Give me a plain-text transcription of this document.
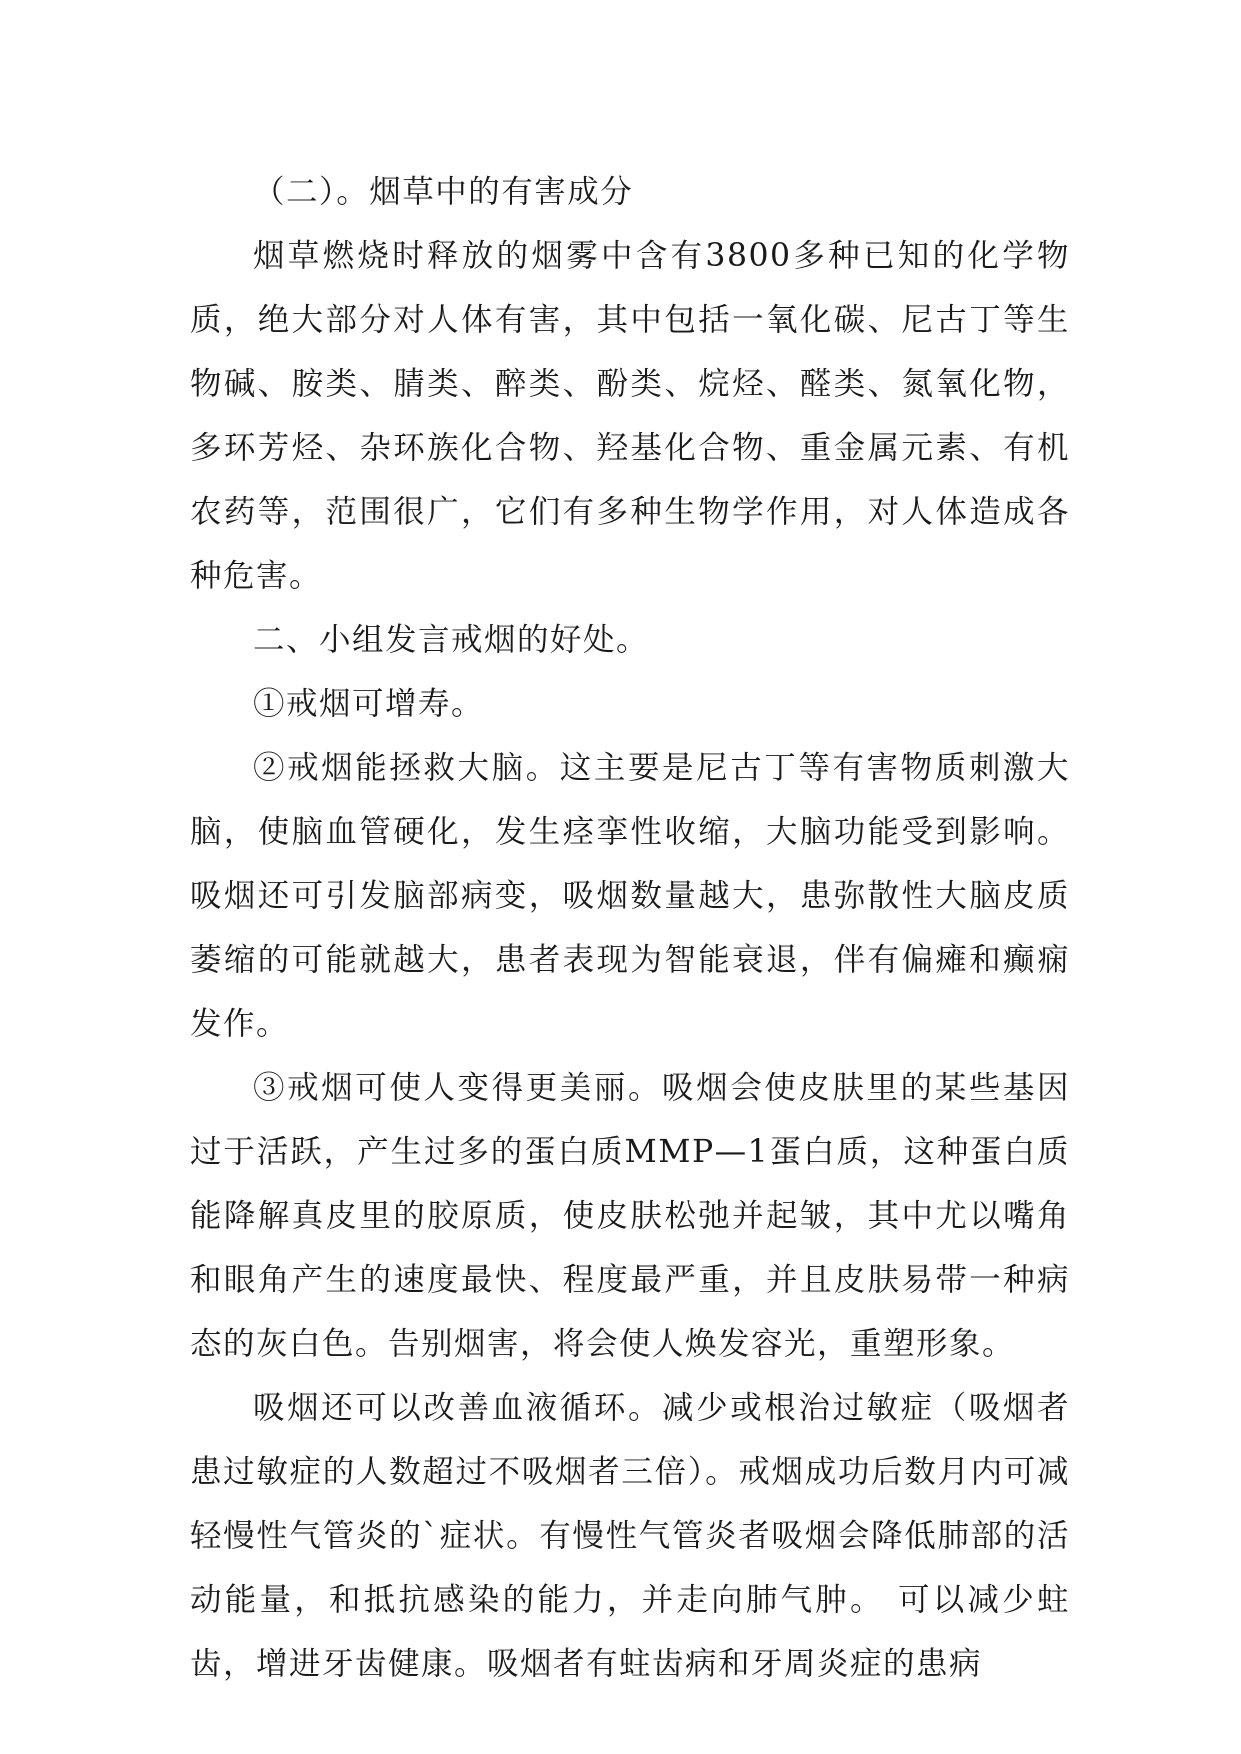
（二）。烟草中的有害成分

烟草燃烧时释放的烟雾中含有3800多种已知的化学物质，绝大部分对人体有害，其中包括一氧化碳、尼古丁等生物碱、胺类、腈类、醉类、酚类、烷烃、醛类、氮氧化物，多环芳烃、杂环族化合物、羟基化合物、重金属元素、有机农药等，范围很广，它们有多种生物学作用，对人体造成各种危害。

二、小组发言戒烟的好处。

①戒烟可增寿。

②戒烟能拯救大脑。这主要是尼古丁等有害物质刺激大脑，使脑血管硬化，发生痉挛性收缩，大脑功能受到影响。吸烟还可引发脑部病变，吸烟数量越大，患弥散性大脑皮质萎缩的可能就越大，患者表现为智能衰退，伴有偏瘫和癫痫发作。

③戒烟可使人变得更美丽。吸烟会使皮肤里的某些基因过于活跃，产生过多的蛋白质MMP—1蛋白质，这种蛋白质能降解真皮里的胶原质，使皮肤松弛并起皱，其中尤以嘴角和眼角产生的速度最快、程度最严重，并且皮肤易带一种病态的灰白色。告别烟害，将会使人焕发容光，重塑形象。

吸烟还可以改善血液循环。减少或根治过敏症（吸烟者患过敏症的人数超过不吸烟者三倍）。戒烟成功后数月内可减轻慢性气管炎的`症状。有慢性气管炎者吸烟会降低肺部的活动能量，和抵抗感染的能力，并走向肺气肿。 可以减少蛀齿，增进牙齿健康。吸烟者有蛀齿病和牙周炎症的患病
